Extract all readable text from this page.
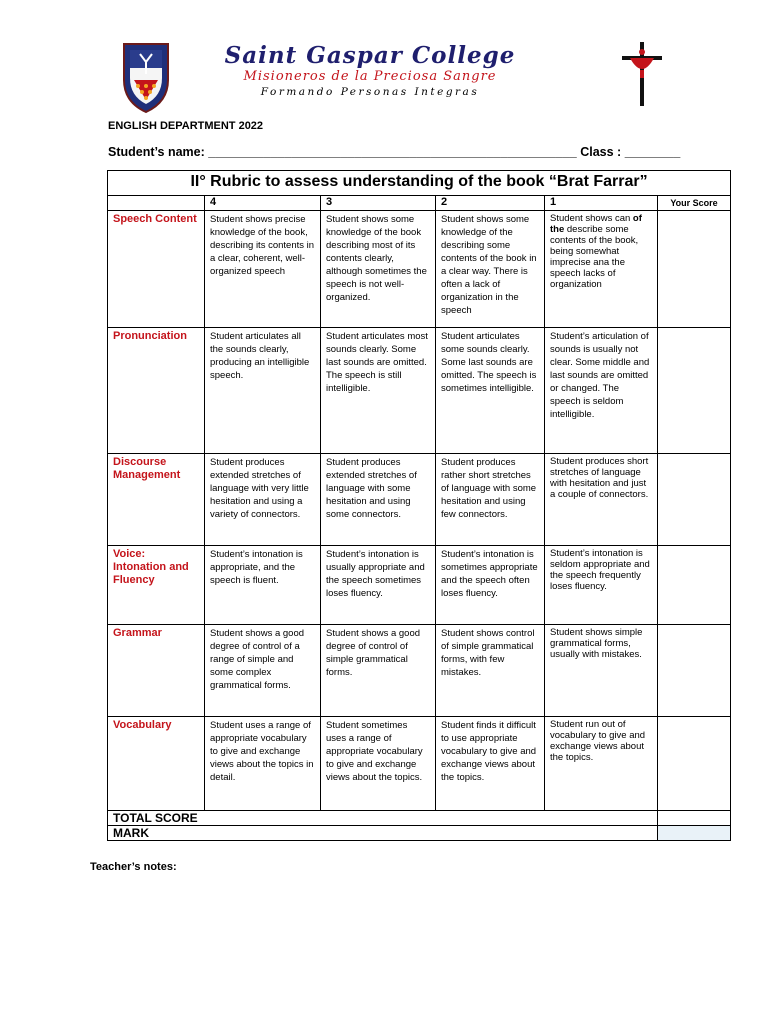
Saint Gaspar College
Misioneros de la Preciosa Sangre
Formando Personas Integras
ENGLISH DEPARTMENT 2022
Student’s name: _____________________________________________________ Class : ________
II° Rubric to assess understanding of the book “Brat Farrar”					
	4	3	2	1	Your Score
Speech Content	Student shows precise knowledge of the book, describing its contents in a clear, coherent, well-organized speech	Student shows some knowledge of the book describing most of its contents clearly, although sometimes the speech is not well-organized.	Student shows some knowledge of the describing some contents of the book in a clear way. There is often a lack of organization in the speech	Student shows can of the describe some contents of the book, being somewhat imprecise ana the speech lacks of organization	
Pronunciation	Student articulates all the sounds clearly, producing an intelligible speech.	Student articulates most sounds clearly. Some last sounds are omitted. The speech is still intelligible.	Student articulates some sounds clearly. Some last sounds are omitted. The speech is sometimes intelligible.	Student’s articulation of sounds is usually not clear. Some middle and last sounds are omitted or changed. The speech is seldom intelligible.	
Discourse Management	Student produces extended stretches of language with very little hesitation and using a variety of connectors.	Student produces extended stretches of language with some hesitation and using some connectors.	Student produces rather short stretches of language with some hesitation and using few connectors.	Student produces short stretches of language with hesitation and just a couple of connectors.	
Voice: Intonation and Fluency	Student’s intonation is appropriate, and the speech is fluent.	Student’s intonation is usually appropriate and the speech sometimes loses fluency.	Student’s intonation is sometimes appropriate and the speech often loses fluency.	Student’s intonation is seldom appropriate and the speech frequently loses fluency.	
Grammar	Student shows a good degree of control of a range of simple and some complex grammatical forms.	Student shows a good degree of control of simple grammatical forms.	Student shows control of simple grammatical forms, with few mistakes.	Student shows simple grammatical forms, usually with mistakes.	
Vocabulary	Student uses a range of appropriate vocabulary to give and exchange views about the topics in detail.	Student sometimes uses a range of appropriate vocabulary to give and exchange views about the topics.	Student finds it difficult to use appropriate vocabulary to give and exchange views about the topics.	Student run out of vocabulary to give and exchange views about the topics.	
TOTAL SCORE					
MARK					
Teacher’s notes:
